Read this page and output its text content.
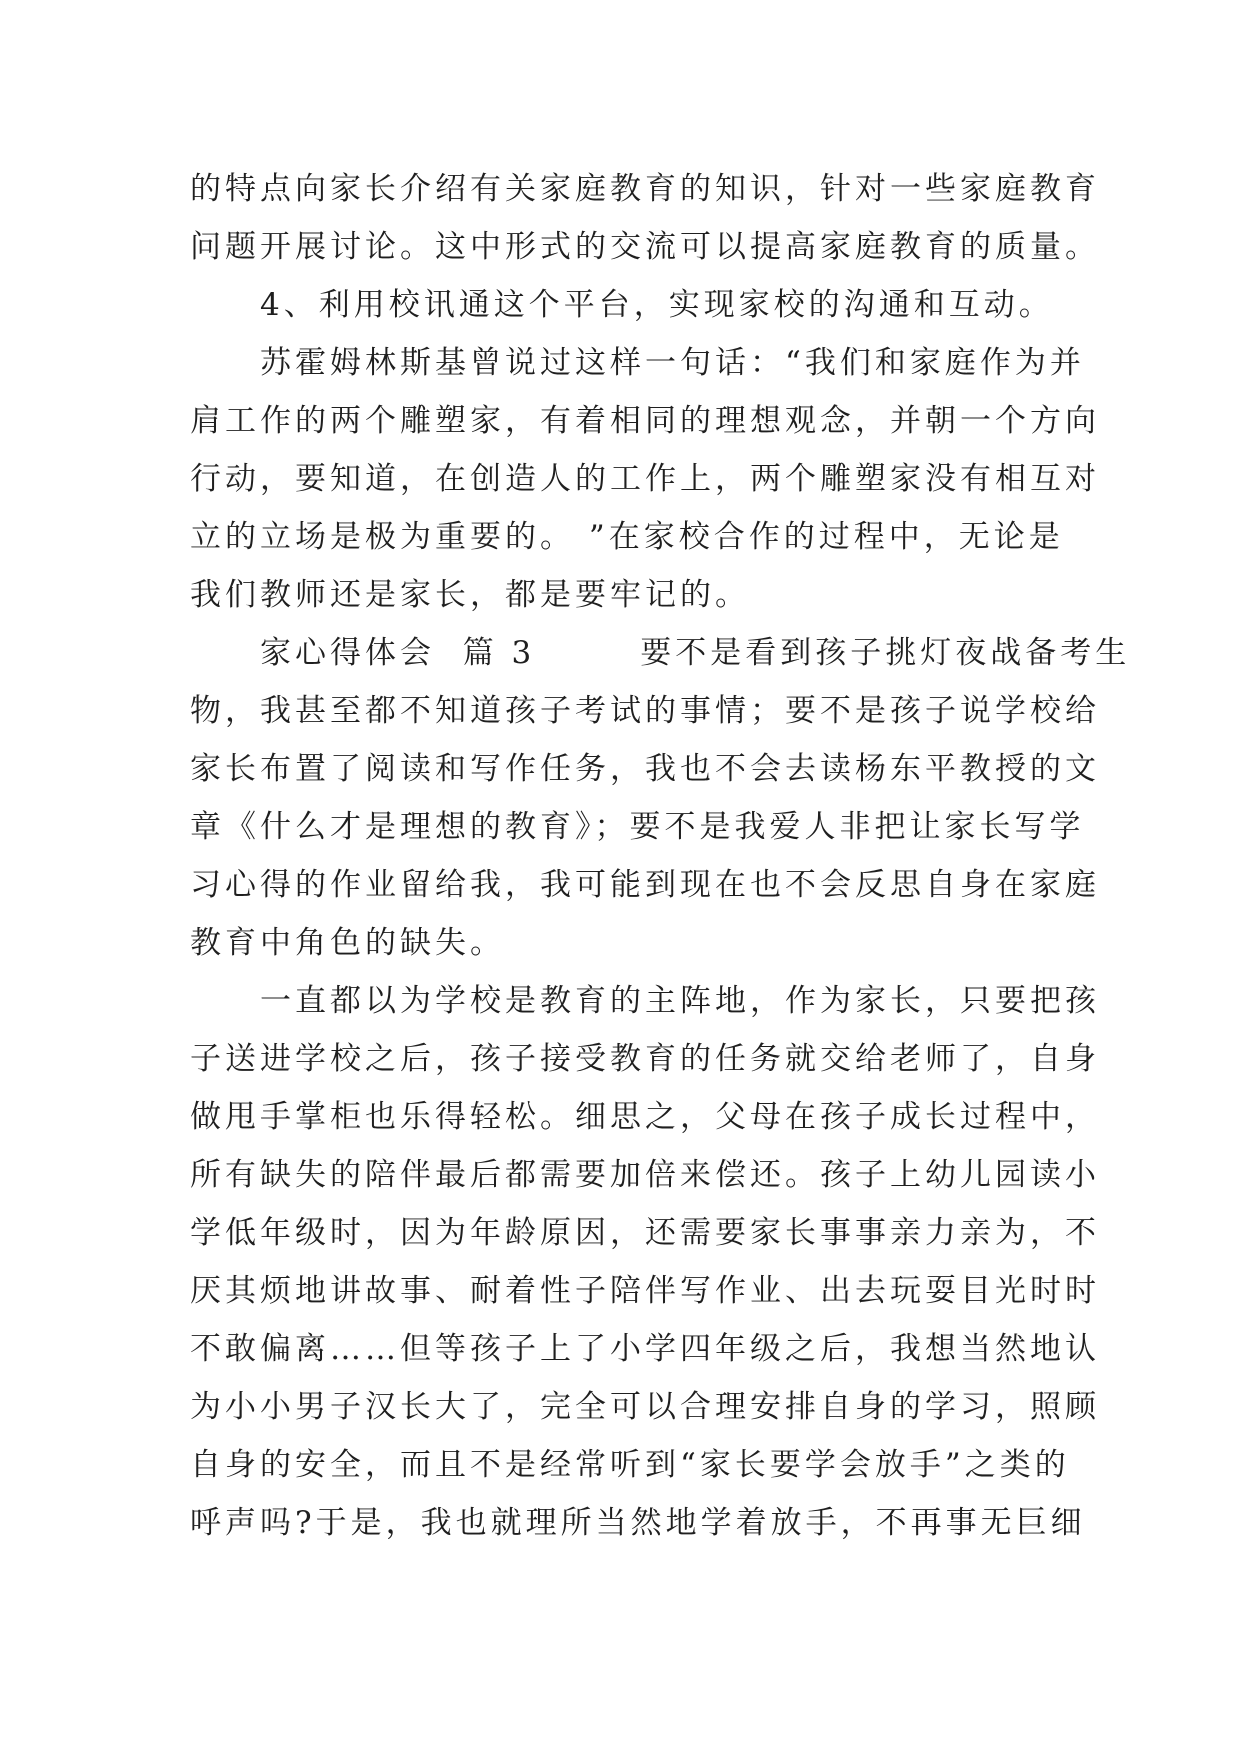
的特点向家长介绍有关家庭教育的知识，针对一些家庭教育
问题开展讨论。这中形式的交流可以提高家庭教育的质量。
　　4、利用校讯通这个平台，实现家校的沟通和互动。
　　苏霍姆林斯基曾说过这样一句话：“我们和家庭作为并
肩工作的两个雕塑家，有着相同的理想观念，并朝一个方向
行动，要知道，在创造人的工作上，两个雕塑家没有相互对
立的立场是极为重要的。 ”在家校合作的过程中，无论是
我们教师还是家长，都是要牢记的。
　　家心得体会  篇 3　　　要不是看到孩子挑灯夜战备考生
物，我甚至都不知道孩子考试的事情；要不是孩子说学校给
家长布置了阅读和写作任务，我也不会去读杨东平教授的文
章《什么才是理想的教育》；要不是我爱人非把让家长写学
习心得的作业留给我，我可能到现在也不会反思自身在家庭
教育中角色的缺失。
　　一直都以为学校是教育的主阵地，作为家长，只要把孩
子送进学校之后，孩子接受教育的任务就交给老师了，自身
做甩手掌柜也乐得轻松。细思之，父母在孩子成长过程中，
所有缺失的陪伴最后都需要加倍来偿还。孩子上幼儿园读小
学低年级时，因为年龄原因，还需要家长事事亲力亲为，不
厌其烦地讲故事、耐着性子陪伴写作业、出去玩耍目光时时
不敢偏离……但等孩子上了小学四年级之后，我想当然地认
为小小男子汉长大了，完全可以合理安排自身的学习，照顾
自身的安全，而且不是经常听到“家长要学会放手”之类的
呼声吗?于是，我也就理所当然地学着放手，不再事无巨细
